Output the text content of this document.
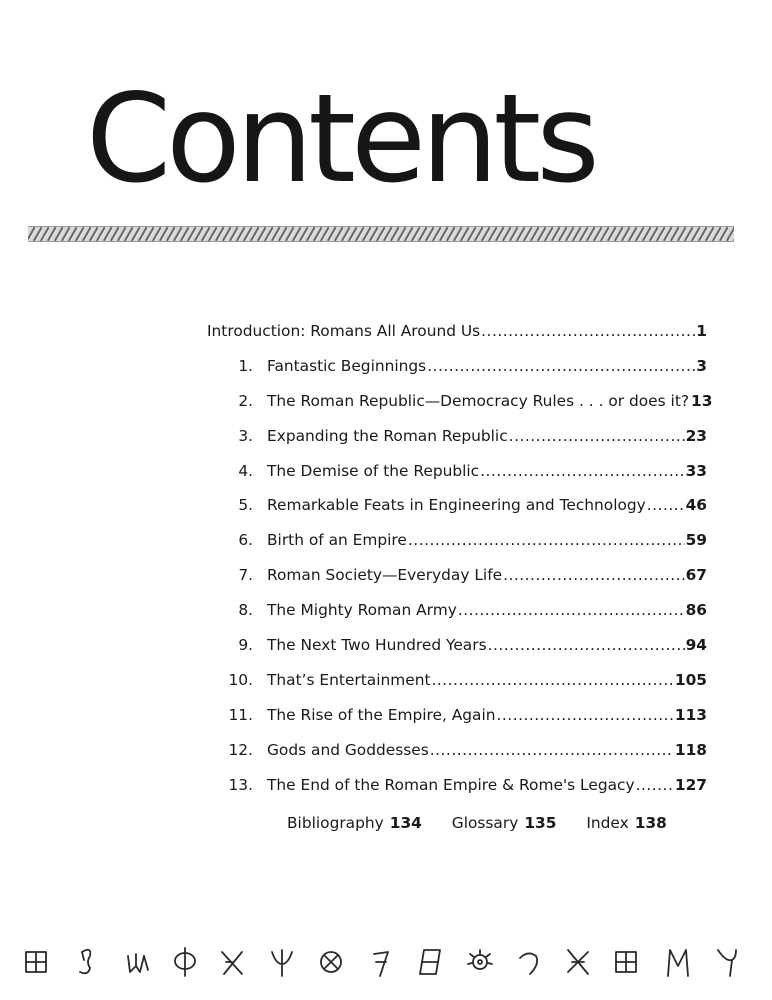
Contents
Introduction: Romans All Around Us .....	1
1. Fantastic Beginnings .....	3
2. The Roman Republic—Democracy Rules . . . or does it? 13
3. Expanding the Roman Republic .....	23
4. The Demise of the Republic .....	33
5. Remarkable Feats in Engineering and Technology .....	46
6. Birth of an Empire .....	59
7. Roman Society—Everyday Life .....	67
8. The Mighty Roman Army .....	86
9. The Next Two Hundred Years .....	94
10. That’s Entertainment .....	105
11. The Rise of the Empire, Again .....	113
12. Gods and Goddesses .....	118
13. The End of the Roman Empire & Rome's Legacy .....	127
Bibliography 134 Glossary 135 Index 138
